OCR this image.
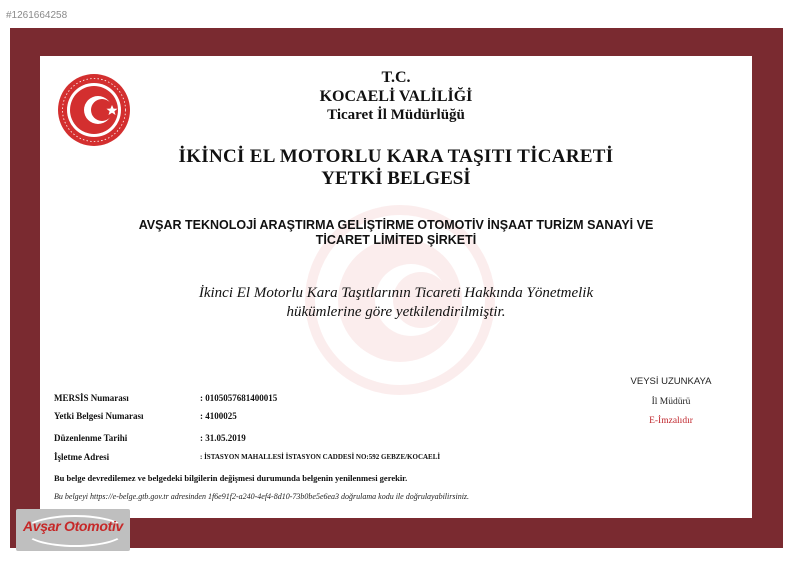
#1261664258
T.C.
KOCAELİ VALİLİĞİ
Ticaret İl Müdürlüğü
İKİNCİ EL MOTORLU KARA TAŞITI TİCARETİ
YETKİ BELGESİ
AVŞAR TEKNOLOJİ ARAŞTIRMA GELİŞTİRME OTOMOTİV İNŞAAT TURİZM SANAYİ VE
TİCARET LİMİTED ŞİRKETİ
İkinci El Motorlu Kara Taşıtlarının Ticareti Hakkında Yönetmelik
hükümlerine göre yetkilendirilmiştir.
VEYSİ UZUNKAYA
İl Müdürü
E-İmzalıdır
MERSİS Numarası	: 0105057681400015
Yetki Belgesi Numarası	: 4100025
Düzenlenme Tarihi	: 31.05.2019
İşletme Adresi	: İSTASYON MAHALLESİ İSTASYON CADDESİ NO:592 GEBZE/KOCAELİ
Bu belge devredilemez ve belgedeki bilgilerin değişmesi durumunda belgenin yenilenmesi gerekir.
Bu belgeyi https://e-belge.gtb.gov.tr adresinden 1f6e91f2-a240-4ef4-8d10-73b0be5e6ea3 doğrulama kodu ile doğrulayabilirsiniz.
Avşar Otomotiv
